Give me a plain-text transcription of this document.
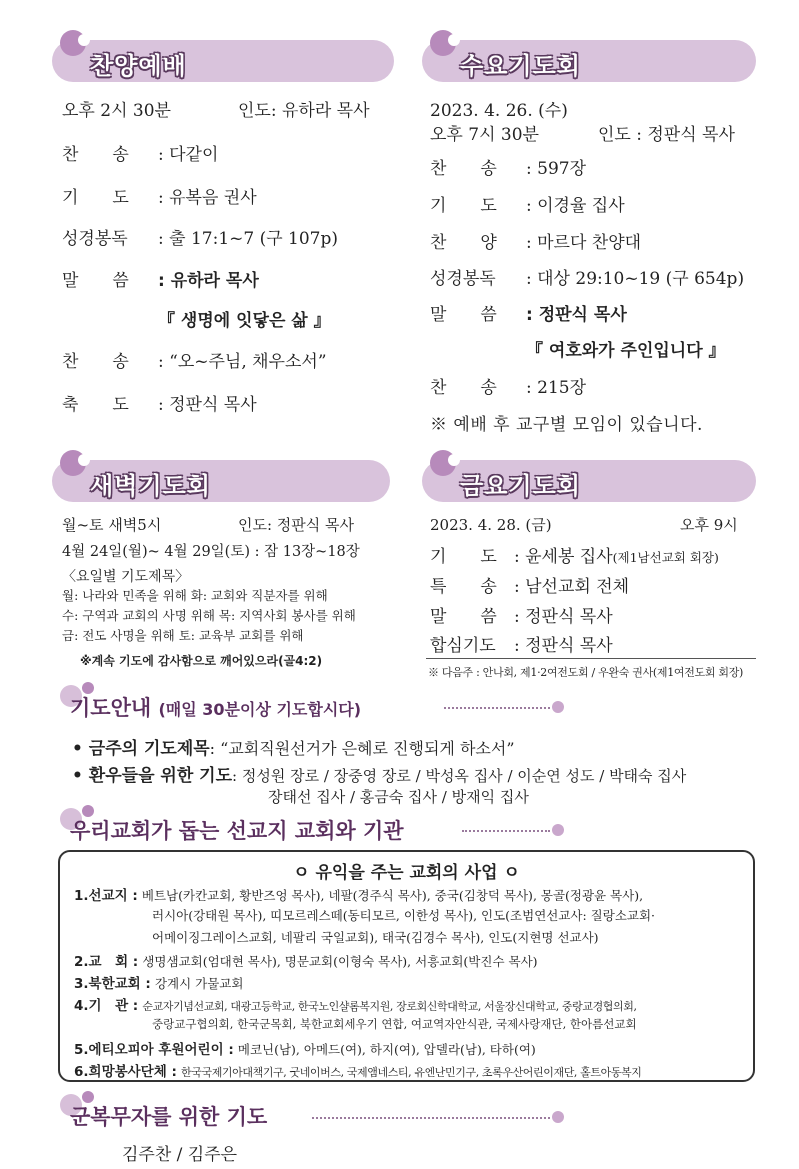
찬양예배
오후 2시 30분	인도: 유하라 목사
찬　　송 : 다같이
기　　도 : 유복음 권사
성경봉독 : 출 17:1~7 (구 107p)
말　　씀 : 유하라 목사
『 생명에 잇닿은 삶 』
찬　　송 : “오~주님, 채우소서”
축　　도 : 정판식 목사
수요기도회
2023. 4. 26. (수)
오후 7시 30분	인도 : 정판식 목사
찬　　송 : 597장
기　　도 : 이경율 집사
찬　　양 : 마르다 찬양대
성경봉독 : 대상 29:10~19 (구 654p)
말　　씀 : 정판식 목사
『 여호와가 주인입니다 』
찬　　송 : 215장
※ 예배 후 교구별 모임이 있습니다.
새벽기도회
월~토 새벽5시	인도: 정판식 목사
4월 24일(월)~ 4월 29일(토) : 잠 13장~18장
〈요일별 기도제목〉
월: 나라와 민족을 위해 화: 교회와 직분자를 위해
수: 구역과 교회의 사명 위해 목: 지역사회 봉사를 위해
금: 전도 사명을 위해 토: 교육부 교회를 위해
※계속 기도에 감사함으로 깨어있으라(골4:2)
금요기도회
2023. 4. 28. (금)	오후 9시
기　　도 : 윤세봉 집사(제1남선교회 회장)
특　　송 : 남선교회 전체
말　　씀 : 정판식 목사
합심기도 : 정판식 목사
※ 다음주 : 안나회, 제1·2여전도회 / 우완숙 권사(제1여전도회 회장)
기도안내 (매일 30분이상 기도합시다)
• 금주의 기도제목: “교회직원선거가 은혜로 진행되게 하소서”
• 환우들을 위한 기도: 정성원 장로 / 장중영 장로 / 박성옥 집사 / 이순연 성도 / 박태숙 집사
장태선 집사 / 홍금숙 집사 / 방재익 집사
우리교회가 돕는 선교지 교회와 기관
ㅇ 유익을 주는 교회의 사업 ㅇ
1.선교지 : 베트남(카칸교회, 황반즈엉 목사), 네팔(경주식 목사), 중국(김창덕 목사), 몽골(정광윤 목사),
러시아(강태원 목사), 띠모르레스떼(동티모르, 이한성 목사), 인도(조범연선교사: 질랑소교회·
어메이징그레이스교회, 네팔리 국일교회), 태국(김경수 목사), 인도(지현명 선교사)
2.교　회 : 생명샘교회(엄대현 목사), 명문교회(이형숙 목사), 서흥교회(박진수 목사)
3.북한교회 : 강계시 가물교회
4.기　관 : 순교자기념선교회, 대광고등학교, 한국노인샬롬복지원, 장로회신학대학교, 서울장신대학교, 중랑교경협의회,
중랑교구협의회, 한국군목회, 북한교회세우기 연합, 여교역자안식관, 국제사랑재단, 한아름선교회
5.에티오피아 후원어린이 : 메코닌(남), 아메드(여), 하지(여), 압델라(남), 타하(여)
6.희망봉사단체 : 한국국제기아대책기구, 굿네이버스, 국제앰네스티, 유엔난민기구, 초록우산어린이재단, 홀트아동복지
군복무자를 위한 기도
김주찬 / 김주은
